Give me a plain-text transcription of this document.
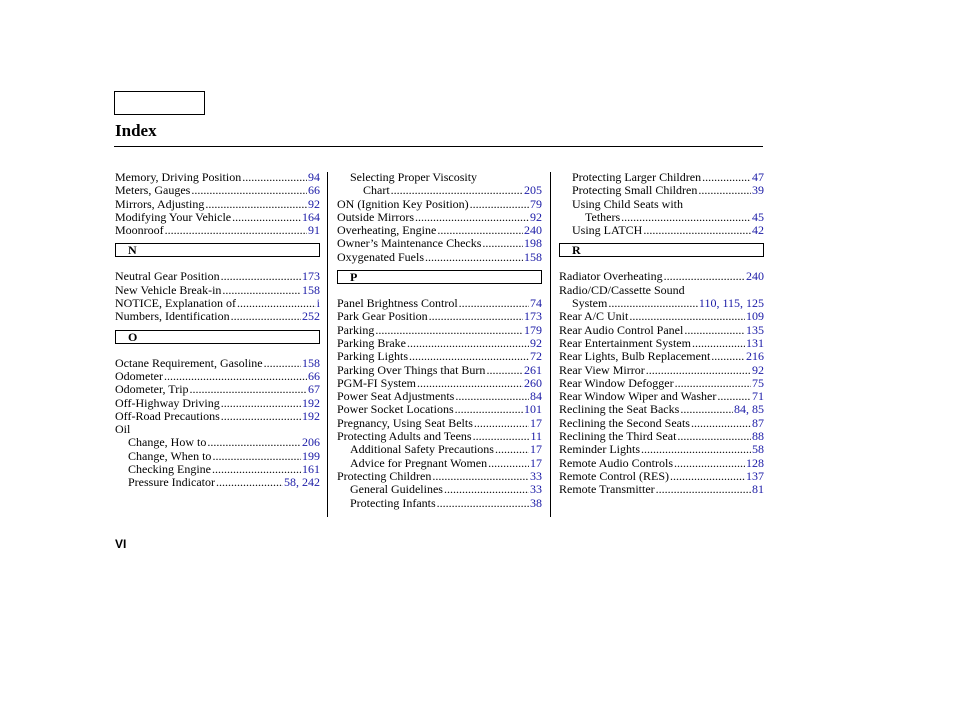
Index
Memory, Driving Position .....	94
Meters, Gauges .....	66
Mirrors, Adjusting .....	92
Modifying Your Vehicle .....	164
Moonroof .....	91
N
Neutral Gear Position .....	173
New Vehicle Break-in .....	158
NOTICE, Explanation of .....	i
Numbers, Identification .....	252
O
Octane Requirement, Gasoline .....	158
Odometer .....	66
Odometer, Trip .....	67
Off-Highway Driving .....	192
Off-Road Precautions .....	192
Oil
Change, How to .....	206
Change, When to .....	199
Checking Engine .....	161
Pressure Indicator .....	58, 242
Selecting Proper Viscosity
Chart .....	205
ON (Ignition Key Position) .....	79
Outside Mirrors .....	92
Overheating, Engine .....	240
Owner’s Maintenance Checks .....	198
Oxygenated Fuels .....	158
P
Panel Brightness Control .....	74
Park Gear Position .....	173
Parking .....	179
Parking Brake .....	92
Parking Lights .....	72
Parking Over Things that Burn .....	261
PGM-FI System .....	260
Power Seat Adjustments .....	84
Power Socket Locations .....	101
Pregnancy, Using Seat Belts .....	17
Protecting Adults and Teens .....	11
Additional Safety Precautions .....	17
Advice for Pregnant Women .....	17
Protecting Children .....	33
General Guidelines .....	33
Protecting Infants .....	38
Protecting Larger Children .....	47
Protecting Small Children .....	39
Using Child Seats with
Tethers .....	45
Using LATCH .....	42
R
Radiator Overheating .....	240
Radio/CD/Cassette Sound
System .....	110, 115, 125
Rear A/C Unit .....	109
Rear Audio Control Panel .....	135
Rear Entertainment System .....	131
Rear Lights, Bulb Replacement .....	216
Rear View Mirror .....	92
Rear Window Defogger .....	75
Rear Window Wiper and Washer .....	71
Reclining the Seat Backs .....	84, 85
Reclining the Second Seats .....	87
Reclining the Third Seat .....	88
Reminder Lights .....	58
Remote Audio Controls .....	128
Remote Control (RES) .....	137
Remote Transmitter .....	81
VI
